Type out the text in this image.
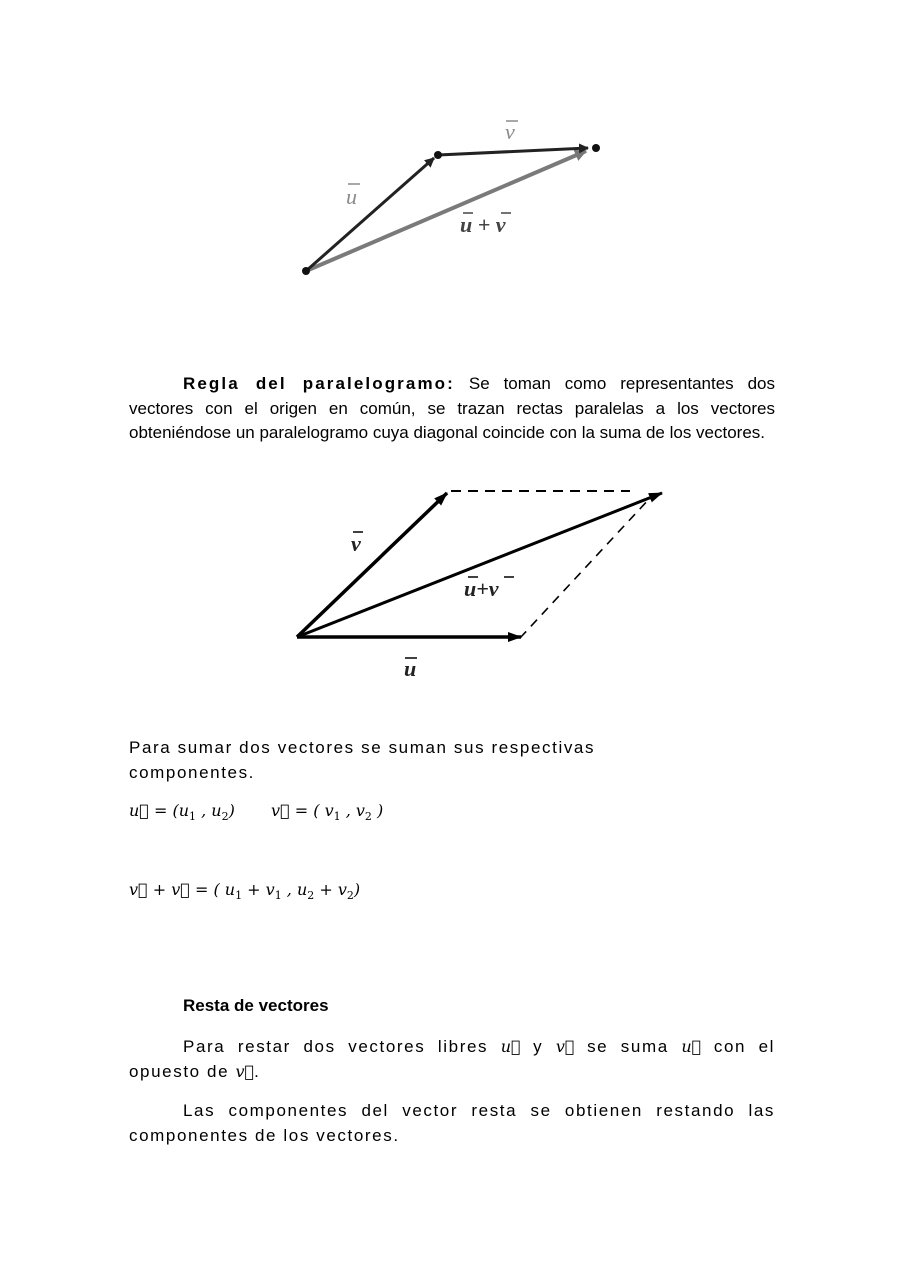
u
v
u + v
Regla del paralelogramo: Se toman como representantes dos vectores con el origen en común, se trazan rectas paralelas a los vectores obteniéndose un paralelogramo cuya diagonal coincide con la suma de los vectores.
v
u+v
u
Para sumar dos vectores se suman sus respectivas componentes.
u⃗ = ($u_1$ , $u_2$) v⃗ = ( $v_1$ , $v_2$ )
v⃗ + v⃗ = ( $u_1 + v_1$ , $u_2 + v_2$)
Resta de vectores
Para restar dos vectores libres u⃗ y v⃗ se suma u⃗ con el opuesto de v⃗.
Las componentes del vector resta se obtienen restando las componentes de los vectores.
